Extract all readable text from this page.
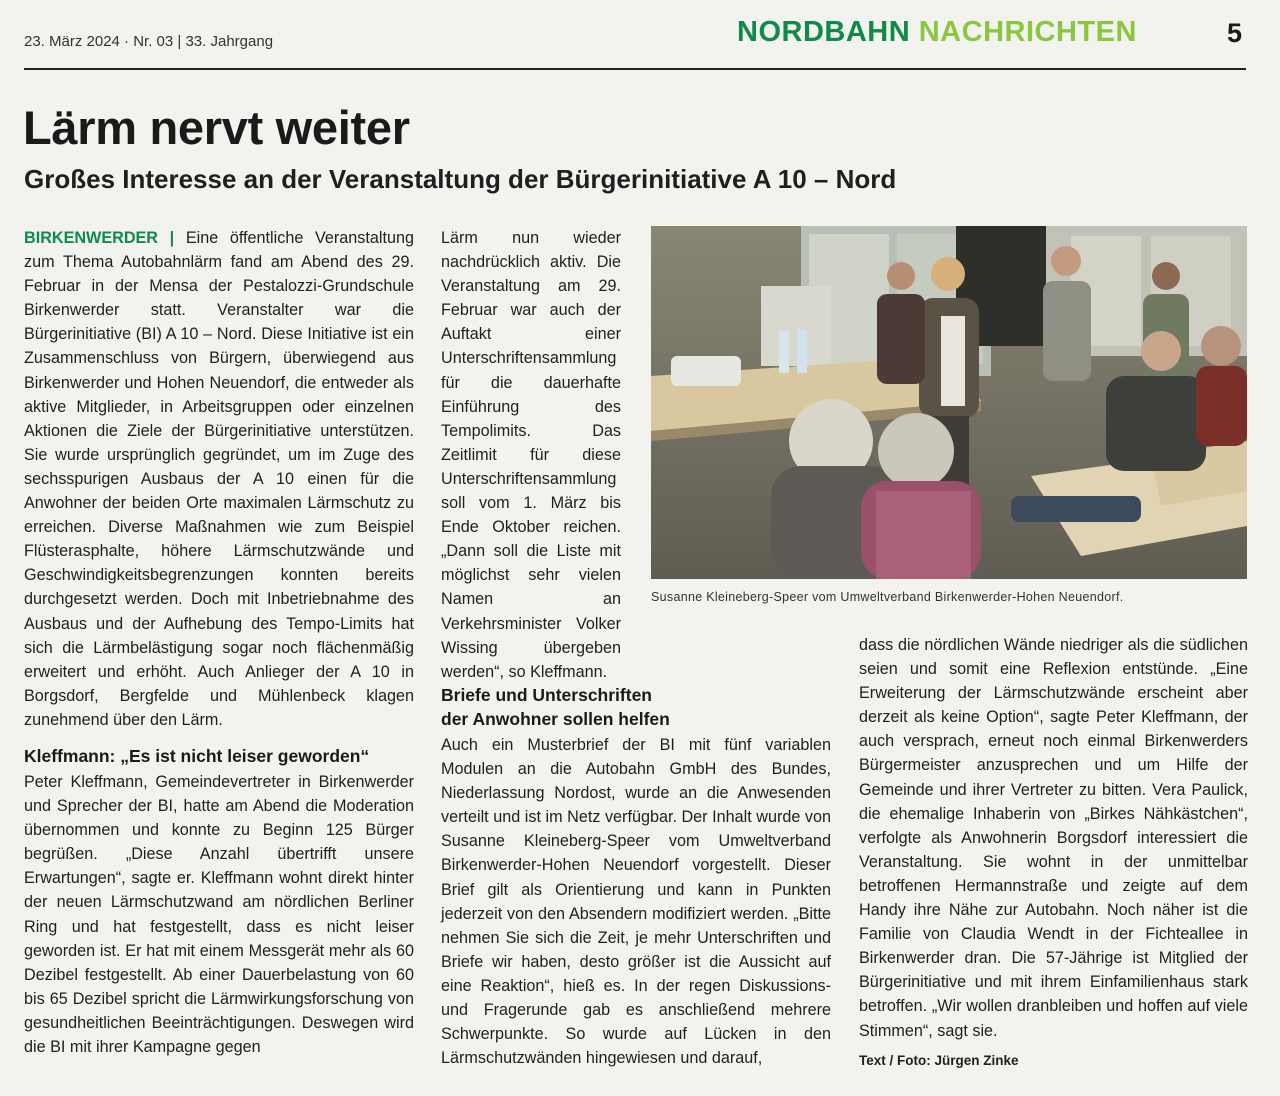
23. März 2024 · Nr. 03 | 33. Jahrgang	NORDBAHN NACHRICHTEN	5
Lärm nervt weiter
Großes Interesse an der Veranstaltung der Bürgerinitiative A 10 – Nord

BIRKENWERDER | Eine öffentliche Veranstaltung zum Thema Autobahnlärm fand am Abend des 29. Februar in der Mensa der Pestalozzi-Grundschule Birkenwerder statt. Veranstalter war die Bürgerinitiative (BI) A 10 – Nord. Diese Initiative ist ein Zusammenschluss von Bürgern, überwiegend aus Birkenwerder und Hohen Neuendorf, die entweder als aktive Mitglieder, in Arbeitsgruppen oder einzelnen Aktionen die Ziele der Bürgerinitiative unterstützen. Sie wurde ursprünglich gegründet, um im Zuge des sechsspurigen Ausbaus der A 10 einen für die Anwohner der beiden Orte maximalen Lärmschutz zu erreichen. Diverse Maßnahmen wie zum Beispiel Flüsterasphalte, höhere Lärmschutzwände und Geschwindigkeitsbegrenzungen konnten bereits durchgesetzt werden. Doch mit Inbetriebnahme des Ausbaus und der Aufhebung des Tempo-Limits hat sich die Lärmbelästigung sogar noch flächenmäßig erweitert und erhöht. Auch Anlieger der A 10 in Borgsdorf, Bergfelde und Mühlenbeck klagen zunehmend über den Lärm.

Kleffmann: „Es ist nicht leiser geworden“

Peter Kleffmann, Gemeindevertreter in Birkenwerder und Sprecher der BI, hatte am Abend die Moderation übernommen und konnte zu Beginn 125 Bürger begrüßen. „Diese Anzahl übertrifft unsere Erwartungen“, sagte er. Kleffmann wohnt direkt hinter der neuen Lärmschutzwand am nördlichen Berliner Ring und hat festgestellt, dass es nicht leiser geworden ist. Er hat mit einem Messgerät mehr als 60 Dezibel festgestellt. Ab einer Dauerbelastung von 60 bis 65 Dezibel spricht die Lärmwirkungsforschung von gesundheitlichen Beeinträchtigungen. Deswegen wird die BI mit ihrer Kampagne gegen

Lärm nun wieder nachdrücklich aktiv. Die Veranstaltung am 29. Februar war auch der Auftakt einer Unterschriftensammlung für die dauerhafte Einführung des Tempolimits. Das Zeitlimit für diese Unterschriftensammlung soll vom 1. März bis Ende Oktober reichen. „Dann soll die Liste mit möglichst sehr vielen Namen an Verkehrsminister Volker Wissing übergeben werden“, so Kleffmann.

Briefe und Unterschriften
der Anwohner sollen helfen

Auch ein Musterbrief der BI mit fünf variablen Modulen an die Autobahn GmbH des Bundes, Niederlassung Nordost, wurde an die Anwesenden verteilt und ist im Netz verfügbar. Der Inhalt wurde von Susanne Kleineberg-Speer vom Umweltverband Birkenwerder-Hohen Neuendorf vorgestellt. Dieser Brief gilt als Orientierung und kann in Punkten jederzeit von den Absendern modifiziert werden. „Bitte nehmen Sie sich die Zeit, je mehr Unterschriften und Briefe wir haben, desto größer ist die Aussicht auf eine Reaktion“, hieß es. In der regen Diskussions- und Fragerunde gab es anschließend mehrere Schwerpunkte. So wurde auf Lücken in den Lärmschutzwänden hingewiesen und darauf,

dass die nördlichen Wände niedriger als die südlichen seien und somit eine Reflexion entstünde. „Eine Erweiterung der Lärmschutzwände erscheint aber derzeit als keine Option“, sagte Peter Kleffmann, der auch versprach, erneut noch einmal Birkenwerders Bürgermeister anzusprechen und um Hilfe der Gemeinde und ihrer Vertreter zu bitten. Vera Paulick, die ehemalige Inhaberin von „Birkes Nähkästchen“, verfolgte als Anwohnerin Borgsdorf interessiert die Veranstaltung. Sie wohnt in der unmittelbar betroffenen Hermannstraße und zeigte auf dem Handy ihre Nähe zur Autobahn. Noch näher ist die Familie von Claudia Wendt in der Fichteallee in Birkenwerder dran. Die 57-Jährige ist Mitglied der Bürgerinitiative und mit ihrem Einfamilienhaus stark betroffen. „Wir wollen dranbleiben und hoffen auf viele Stimmen“, sagt sie.

Text / Foto: Jürgen Zinke
Susanne Kleineberg-Speer vom Umweltverband Birkenwerder-Hohen Neuendorf.
